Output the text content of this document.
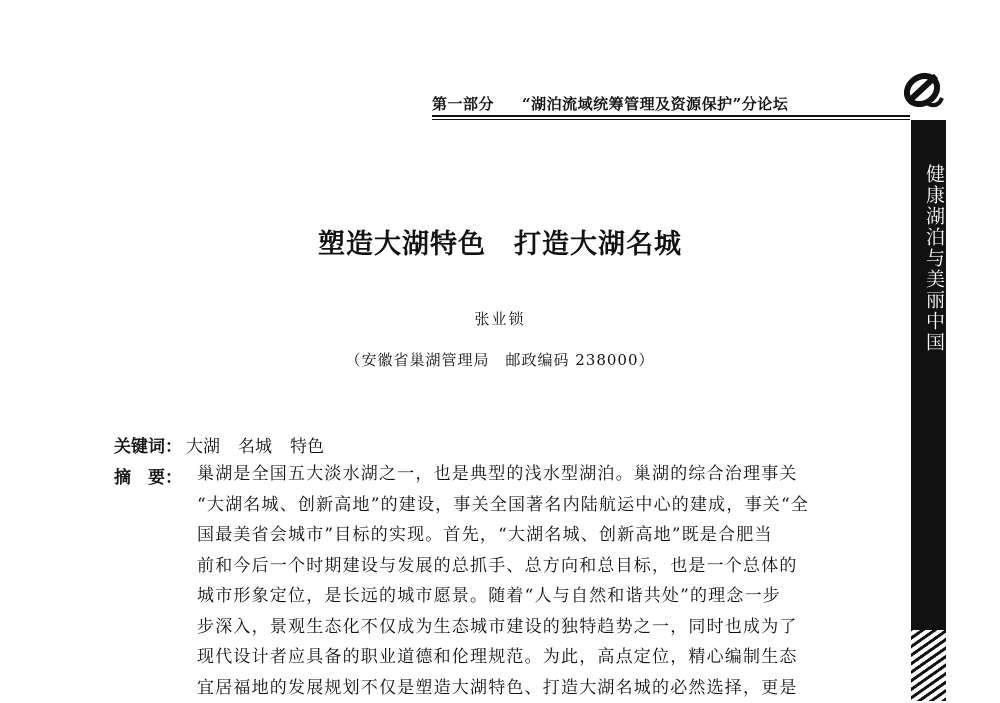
第一部分 “湖泊流域统筹管理及资源保护”分论坛
健康湖泊与美丽中国
塑造大湖特色　打造大湖名城
张业锁
（安徽省巢湖管理局　邮政编码 238000）
关键词： 大湖 名城 特色
摘　要： 巢湖是全国五大淡水湖之一，也是典型的浅水型湖泊。巢湖的综合治理事关
“大湖名城、创新高地”的建设，事关全国著名内陆航运中心的建成，事关“全
国最美省会城市”目标的实现。首先，“大湖名城、创新高地”既是合肥当
前和今后一个时期建设与发展的总抓手、总方向和总目标，也是一个总体的
城市形象定位，是长远的城市愿景。随着“人与自然和谐共处”的理念一步
步深入，景观生态化不仅成为生态城市建设的独特趋势之一，同时也成为了
现代设计者应具备的职业道德和伦理规范。为此，高点定位，精心编制生态
宜居福地的发展规划不仅是塑造大湖特色、打造大湖名城的必然选择，更是
